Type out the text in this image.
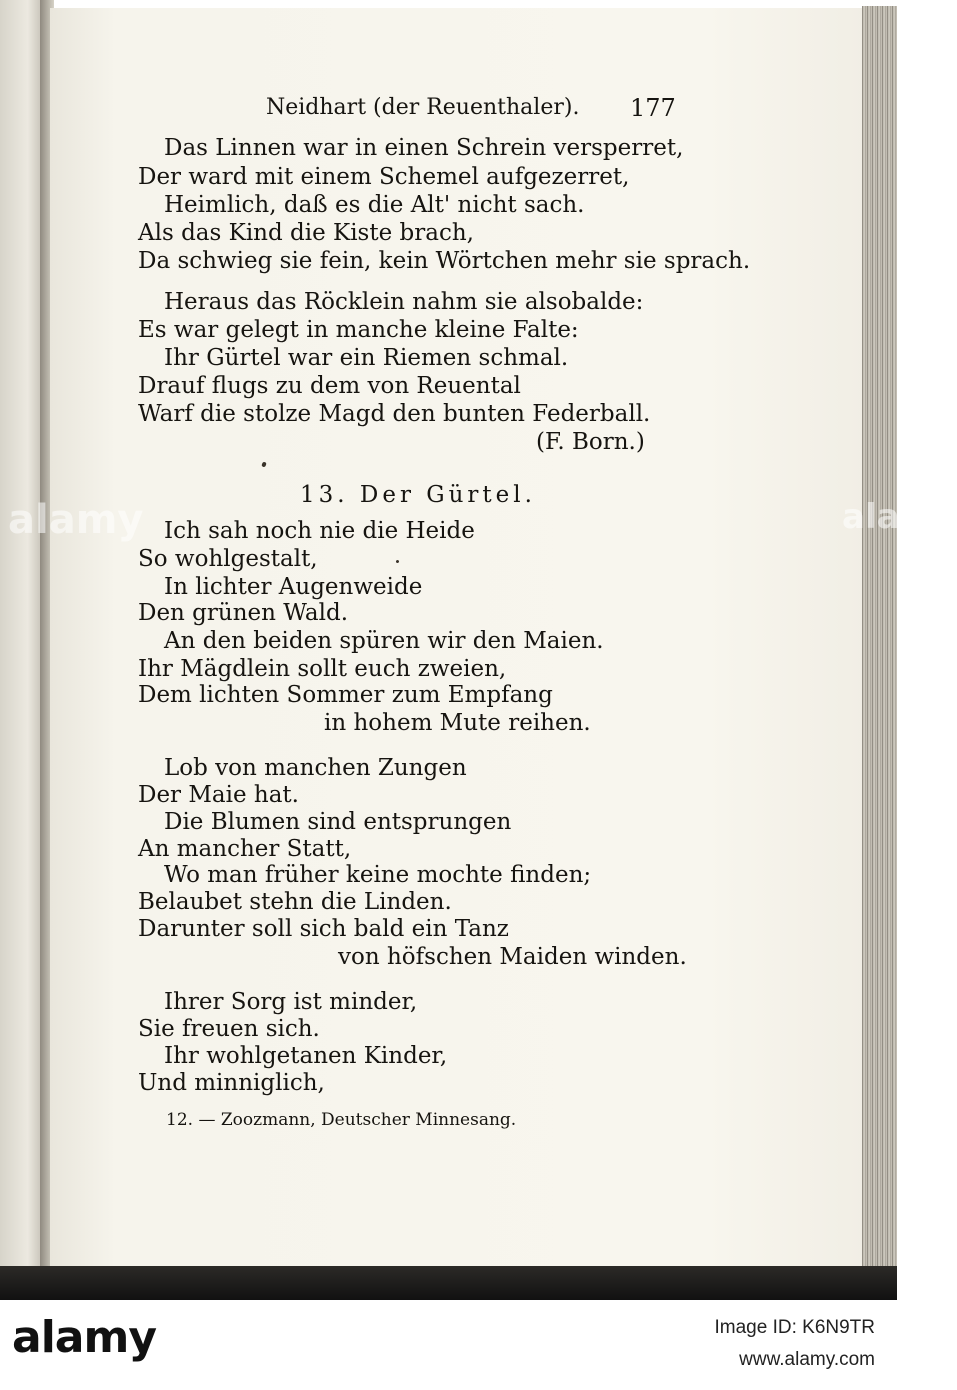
alamy	alamy
Neidhart (der Reuenthaler). 177
Das Linnen war in einen Schrein versperret,
Der ward mit einem Schemel aufgezerret,
Heimlich, daß es die Alt' nicht sach.
Als das Kind die Kiste brach,
Da schwieg sie fein, kein Wörtchen mehr sie sprach.
Heraus das Röcklein nahm sie alsobalde:
Es war gelegt in manche kleine Falte:
Ihr Gürtel war ein Riemen schmal.
Drauf flugs zu dem von Reuental
Warf die stolze Magd den bunten Federball.
(F. Born.)
13. Der Gürtel.
Ich sah noch nie die Heide
So wohlgestalt,
In lichter Augenweide
Den grünen Wald.
An den beiden spüren wir den Maien.
Ihr Mägdlein sollt euch zweien,
Dem lichten Sommer zum Empfang
in hohem Mute reihen.
Lob von manchen Zungen
Der Maie hat.
Die Blumen sind entsprungen
An mancher Statt,
Wo man früher keine mochte finden;
Belaubet stehn die Linden.
Darunter soll sich bald ein Tanz
von höfschen Maiden winden.
Ihrer Sorg ist minder,
Sie freuen sich.
Ihr wohlgetanen Kinder,
Und minniglich,
12. — Zoozmann, Deutscher Minnesang.
alamy	Image ID: K6N9TR
www.alamy.com
